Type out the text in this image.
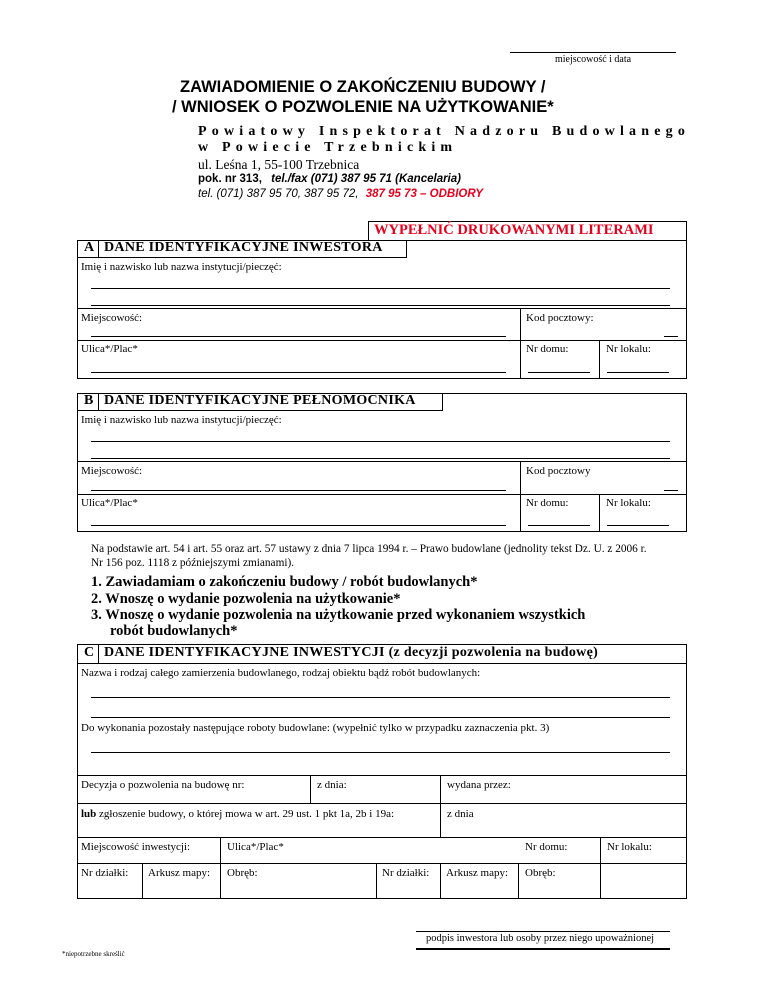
miejscowość i data
ZAWIADOMIENIE O ZAKOŃCZENIU BUDOWY /
/ WNIOSEK O POZWOLENIE NA UŻYTKOWANIE*
Powiatowy Inspektorat Nadzoru Budowlanego
w Powiecie Trzebnickim
ul. Leśna 1, 55-100 Trzebnica
pok. nr 313, tel./fax (071) 387 95 71 (Kancelaria)
tel. (071) 387 95 70, 387 95 72, 387 95 73 – ODBIORY
WYPEŁNIĆ DRUKOWANYMI LITERAMI
A DANE IDENTYFIKACYJNE INWESTORA
Imię i nazwisko lub nazwa instytucji/pieczęć:
Miejscowość:	Kod pocztowy:
Ulica*/Plac*	Nr domu:	Nr lokalu:
B DANE IDENTYFIKACYJNE PEŁNOMOCNIKA
Imię i nazwisko lub nazwa instytucji/pieczęć:
Miejscowość:	Kod pocztowy
Ulica*/Plac*	Nr domu:	Nr lokalu:
Na podstawie art. 54 i art. 55 oraz art. 57 ustawy z dnia 7 lipca 1994 r. – Prawo budowlane (jednolity tekst Dz. U. z 2006 r.
Nr 156 poz. 1118 z późniejszymi zmianami).
1. Zawiadamiam o zakończeniu budowy / robót budowlanych*
2. Wnoszę o wydanie pozwolenia na użytkowanie*
3. Wnoszę o wydanie pozwolenia na użytkowanie przed wykonaniem wszystkich
robót budowlanych*
C DANE IDENTYFIKACYJNE INWESTYCJI (z decyzji pozwolenia na budowę)
Nazwa i rodzaj całego zamierzenia budowlanego, rodzaj obiektu bądź robót budowlanych:
Do wykonania pozostały następujące roboty budowlane: (wypełnić tylko w przypadku zaznaczenia pkt. 3)
Decyzja o pozwolenia na budowę nr:	z dnia:	wydana przez:
lub zgłoszenie budowy, o której mowa w art. 29 ust. 1 pkt 1a, 2b i 19a:	z dnia
Miejscowość inwestycji:	Ulica*/Plac*	Nr domu:	Nr lokalu:
Nr działki: Arkusz mapy: Obręb:	Nr działki: Arkusz mapy: Obręb:
podpis inwestora lub osoby przez niego upoważnionej
*niepotrzebne skreślić
